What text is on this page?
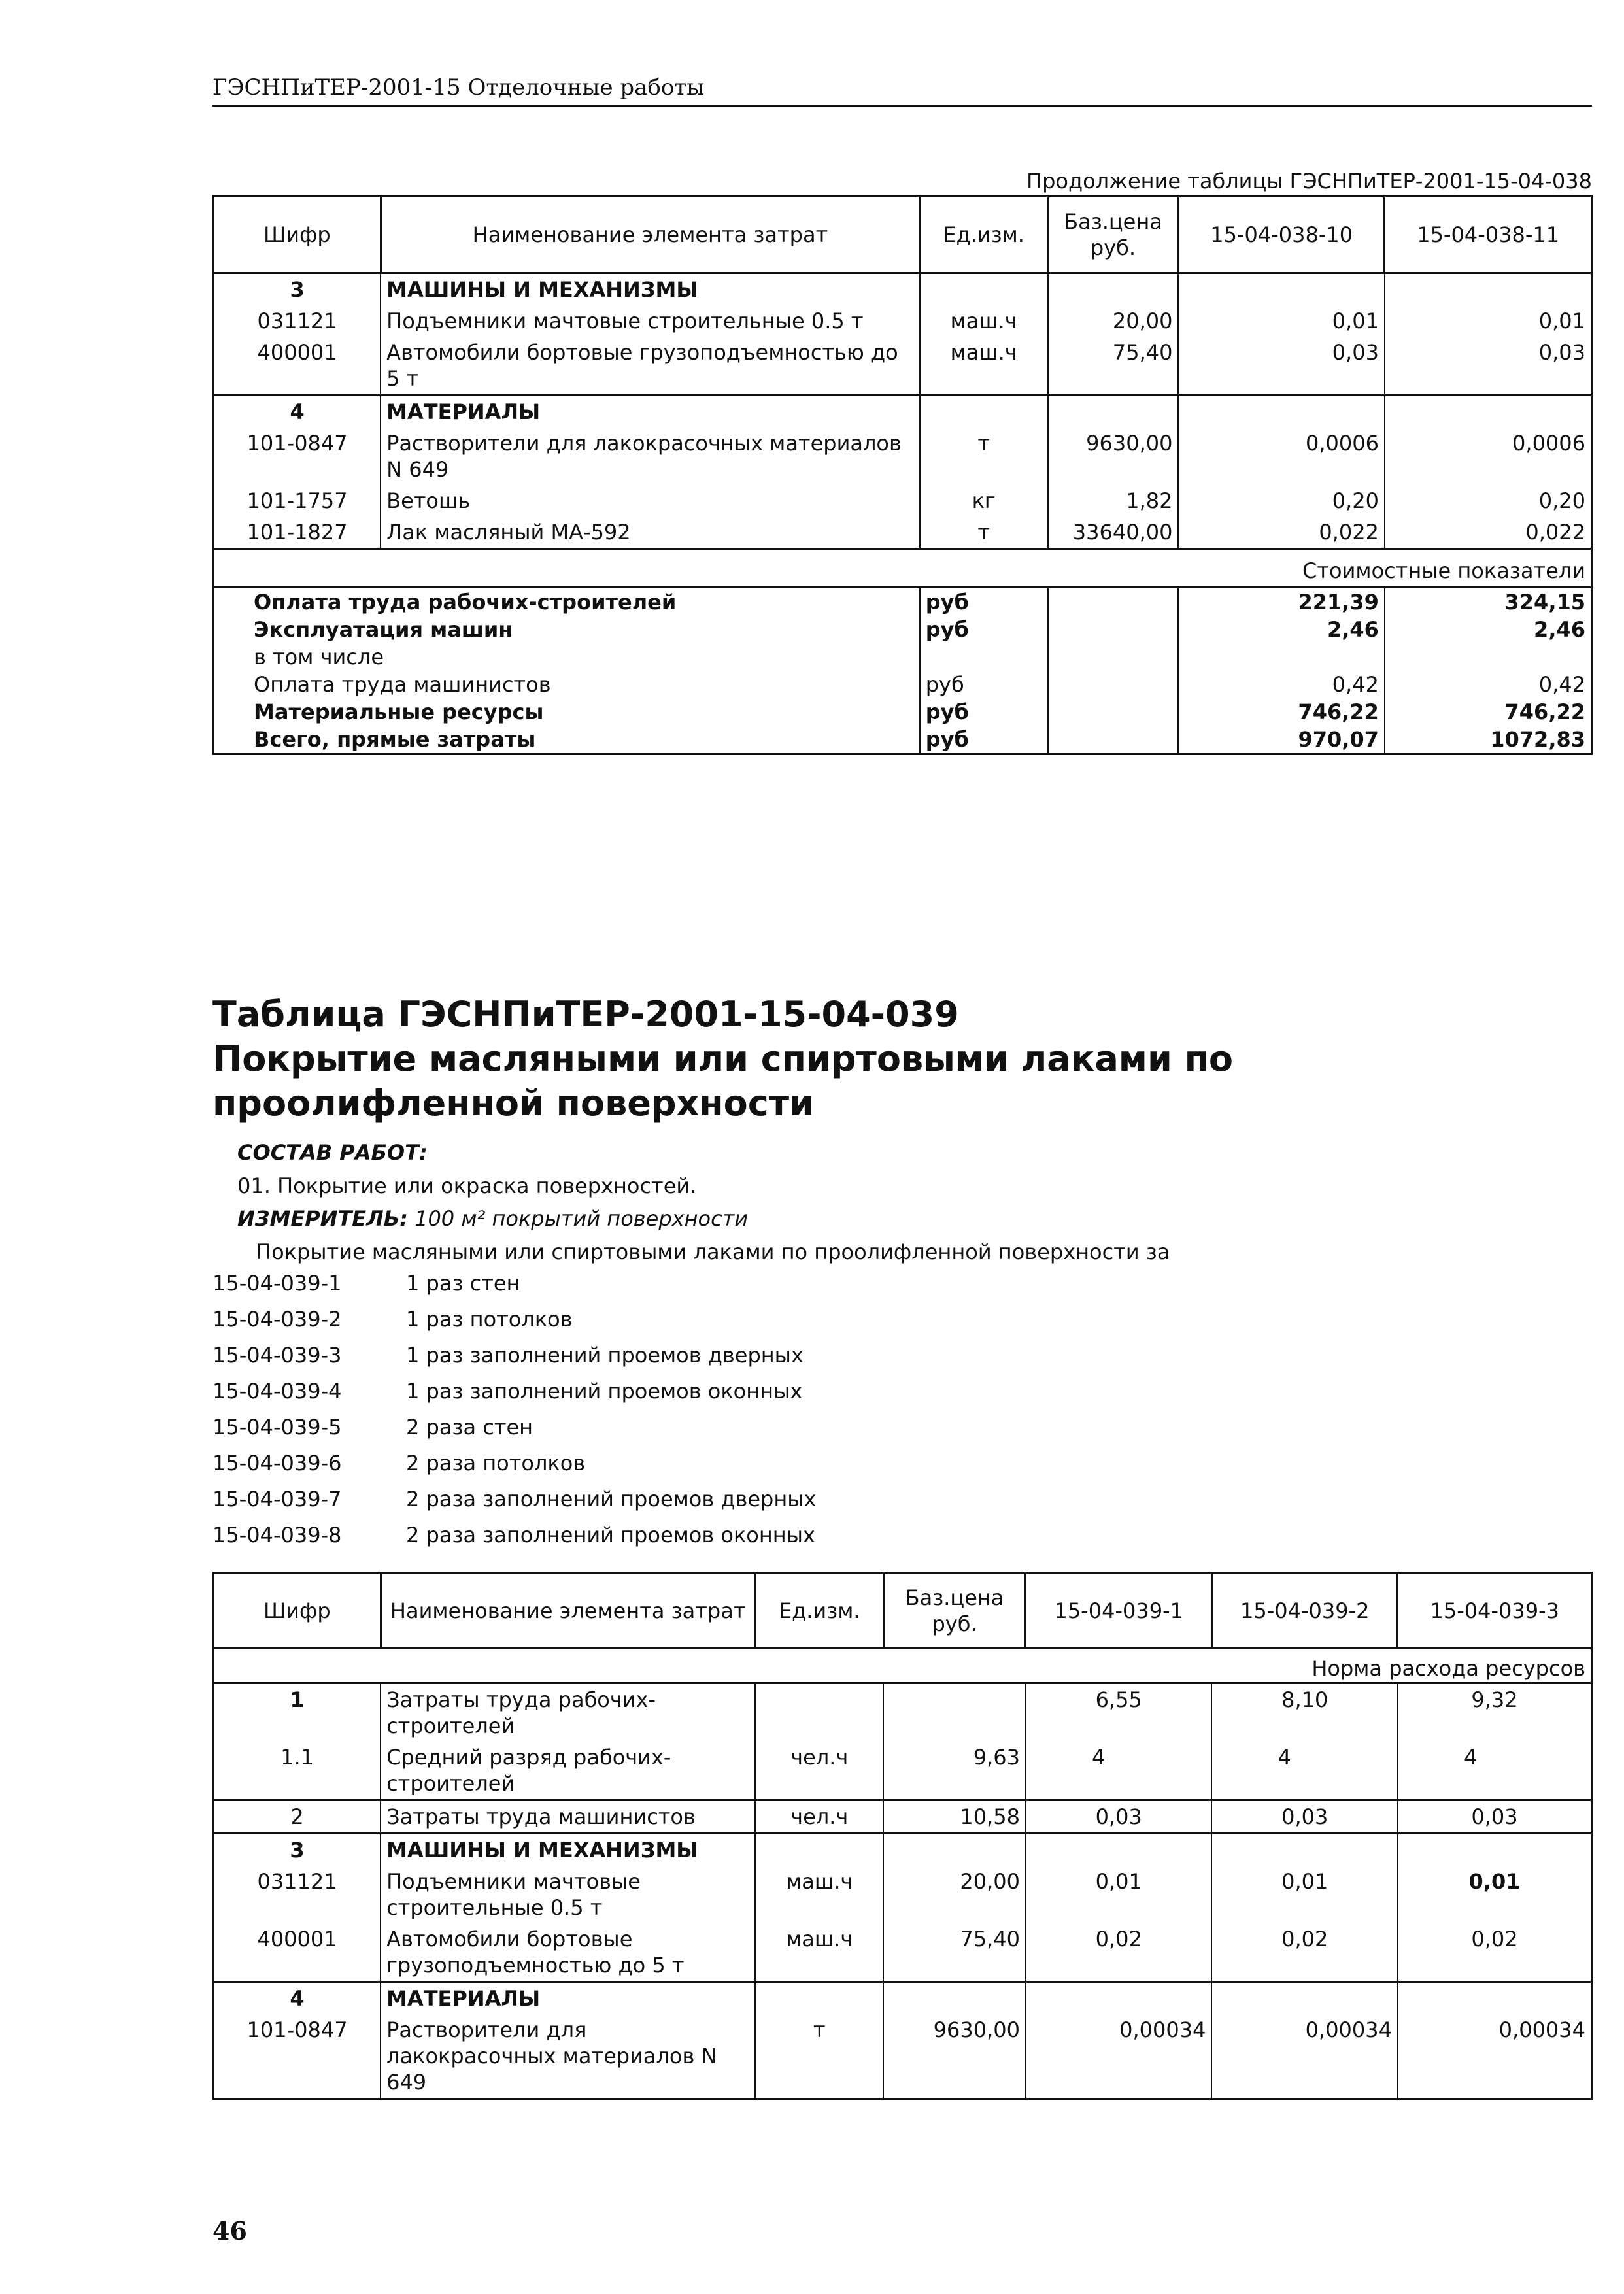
ГЭСНПиТЕР-2001-15 Отделочные работы
Продолжение таблицы ГЭСНПиТЕР-2001-15-04-038
Шифр	Наименование элемента затрат	Ед.изм.	Баз.цена руб.	15-04-038-10	15-04-038-11
3	МАШИНЫ И МЕХАНИЗМЫ				
031121	Подъемники мачтовые строительные 0.5 т	маш.ч	20,00	0,01	0,01
400001	Автомобили бортовые грузоподъемностью до 5 т	маш.ч	75,40	0,03	0,03
4	МАТЕРИАЛЫ				
101-0847	Растворители для лакокрасочных материалов N 649	т	9630,00	0,0006	0,0006
101-1757	Ветошь	кг	1,82	0,20	0,20
101-1827	Лак масляный МА-592	т	33640,00	0,022	0,022
Стоимостные показатели					
Оплата труда рабочих-строителей		руб		221,39	324,15
Эксплуатация машин		руб		2,46	2,46
в том числе					
Оплата труда машинистов		руб		0,42	0,42
Материальные ресурсы		руб		746,22	746,22
Всего, прямые затраты		руб		970,07	1072,83
Таблица ГЭСНПиТЕР-2001-15-04-039
Покрытие масляными или спиртовыми лаками по проолифленной поверхности
СОСТАВ РАБОТ:
01. Покрытие или окраска поверхностей.
ИЗМЕРИТЕЛЬ: 100 м² покрытий поверхности
Покрытие масляными или спиртовыми лаками по проолифленной поверхности за
15-04-039-1	1 раз стен
15-04-039-2	1 раз потолков
15-04-039-3	1 раз заполнений проемов дверных
15-04-039-4	1 раз заполнений проемов оконных
15-04-039-5	2 раза стен
15-04-039-6	2 раза потолков
15-04-039-7	2 раза заполнений проемов дверных
15-04-039-8	2 раза заполнений проемов оконных
Шифр	Наименование элемента затрат	Ед.изм.	Баз.цена руб.	15-04-039-1	15-04-039-2	15-04-039-3
Норма расхода ресурсов						
1	Затраты труда рабочих-строителей			6,55	8,10	9,32
1.1	Средний разряд рабочих-строителей	чел.ч	9,63	4	4	4
2	Затраты труда машинистов	чел.ч	10,58	0,03	0,03	0,03
3	МАШИНЫ И МЕХАНИЗМЫ					
031121	Подъемники мачтовые строительные 0.5 т	маш.ч	20,00	0,01	0,01	0,01
400001	Автомобили бортовые грузоподъемностью до 5 т	маш.ч	75,40	0,02	0,02	0,02
4	МАТЕРИАЛЫ					
101-0847	Растворители для лакокрасочных материалов N 649	т	9630,00	0,00034	0,00034	0,00034
46
